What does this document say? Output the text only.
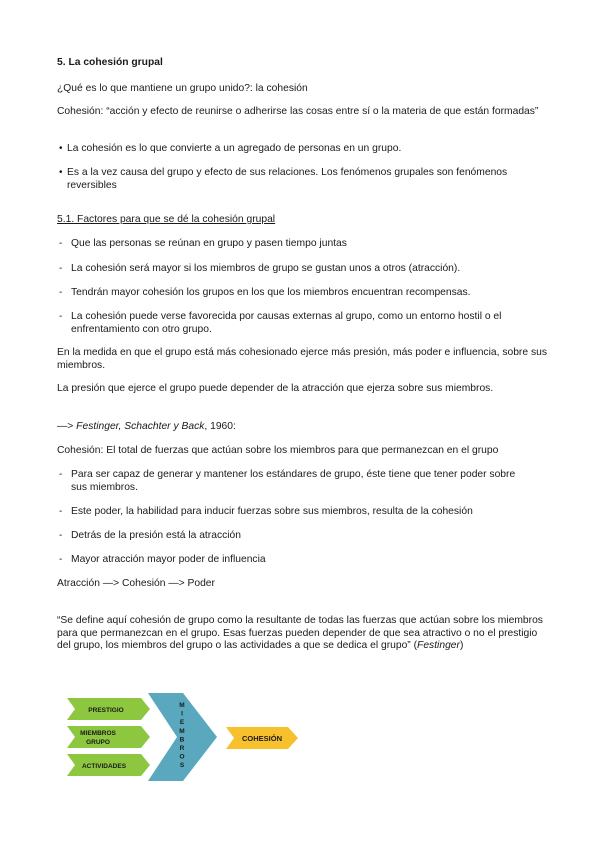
5. La cohesión grupal
¿Qué es lo que mantiene un grupo unido?: la cohesión
Cohesión: “acción y efecto de reunirse o adherirse las cosas entre sí o la materia de que están formadas”
• La cohesión es lo que convierte a un agregado de personas en un grupo.
• Es a la vez causa del grupo y efecto de sus relaciones. Los fenómenos grupales son fenómenos reversibles
5.1. Factores para que se dé la cohesión grupal
- Que las personas se reúnan en grupo y pasen tiempo juntas
- La cohesión será mayor si los miembros de grupo se gustan unos a otros (atracción).
- Tendrán mayor cohesión los grupos en los que los miembros encuentran recompensas.
- La cohesión puede verse favorecida por causas externas al grupo, como un entorno hostil o el enfrentamiento con otro grupo.
En la medida en que el grupo está más cohesionado ejerce más presión, más poder e influencia, sobre sus miembros.
La presión que ejerce el grupo puede depender de la atracción que ejerza sobre sus miembros.
—> Festinger, Schachter y Back, 1960:
Cohesión: El total de fuerzas que actúan sobre los miembros para que permanezcan en el grupo
- Para ser capaz de generar y mantener los estándares de grupo, éste tiene que tener poder sobre sus miembros.
- Este poder, la habilidad para inducir fuerzas sobre sus miembros, resulta de la cohesión
- Detrás de la presión está la atracción
- Mayor atracción mayor poder de influencia
Atracción —> Cohesión —> Poder
“Se define aquí cohesión de grupo como la resultante de todas las fuerzas que actúan sobre los miembros para que permanezcan en el grupo. Esas fuerzas pueden depender de que sea atractivo o no el prestigio del grupo, los miembros del grupo o las actividades a que se dedica el grupo” (Festinger)
PRESTIGIO
MIEMBROS
GRUPO
ACTIVIDADES
M
I
E
M
B
R
O
S
COHESIÓN
